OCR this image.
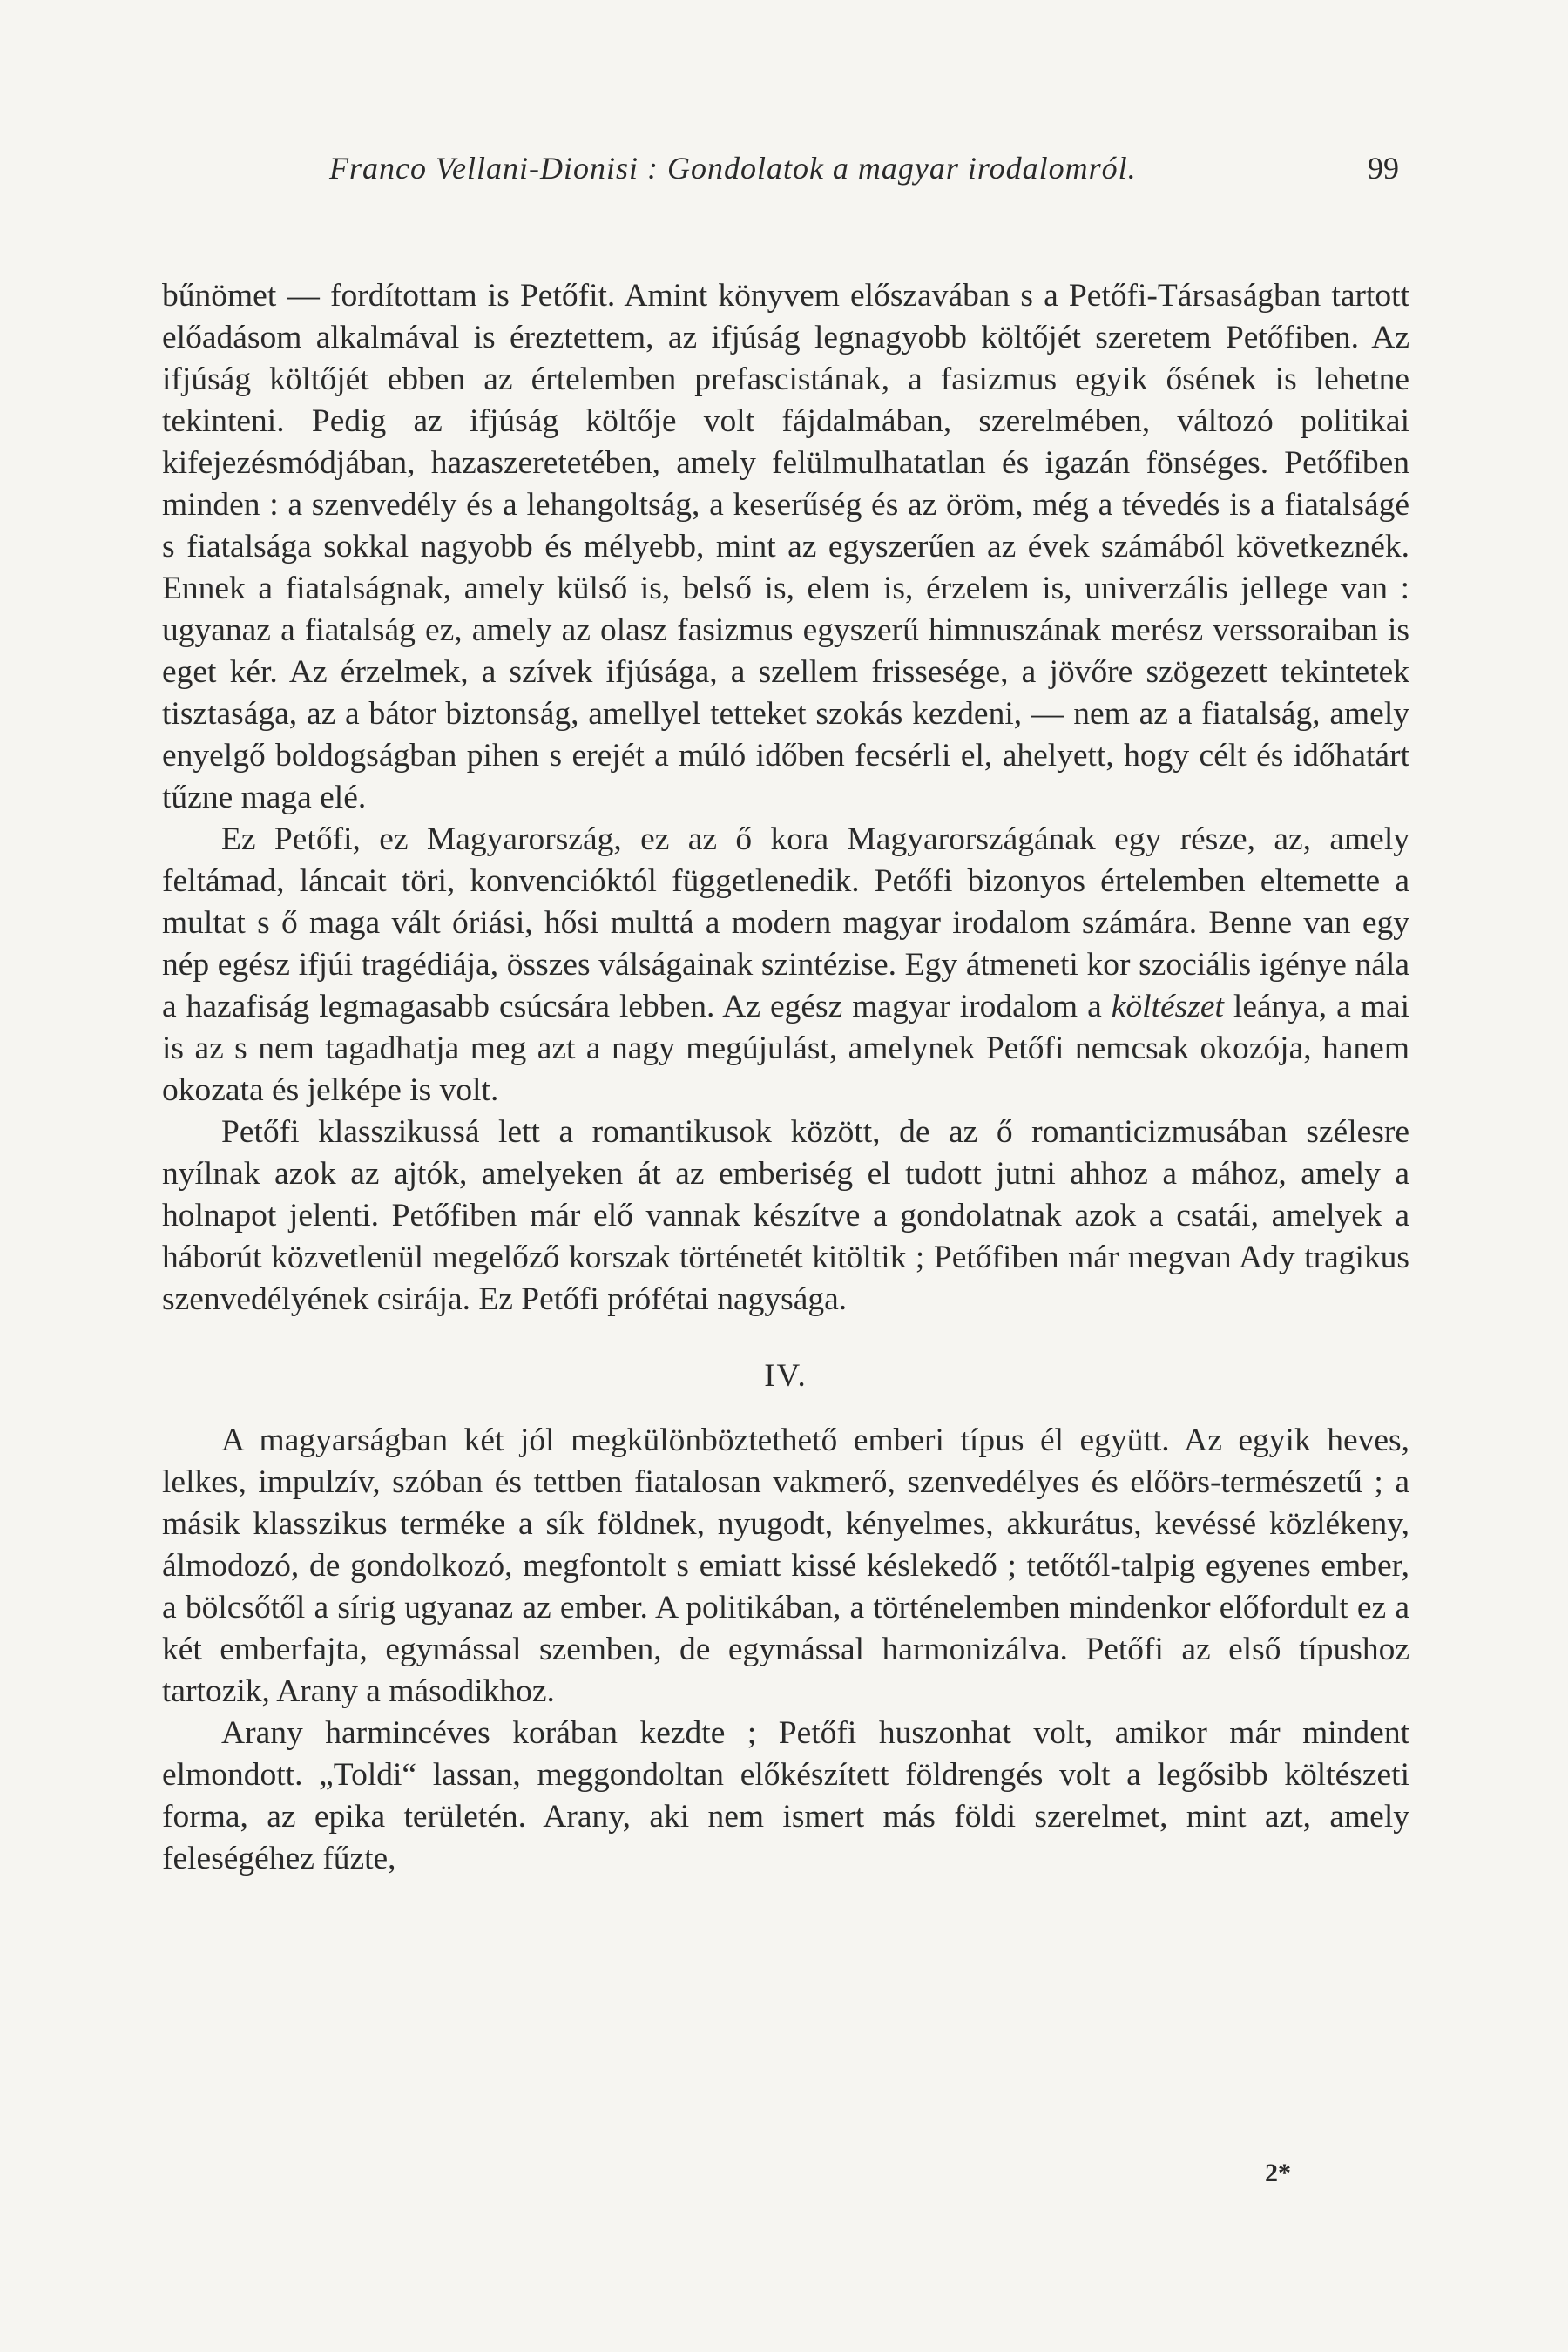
Franco Vellani-Dionisi : Gondolatok a magyar irodalomról.	99

bűnömet — fordítottam is Petőfit. Amint könyvem előszavában s a Petőfi-Társaságban tartott előadásom alkalmával is éreztettem, az ifjúság legnagyobb költőjét szeretem Petőfiben. Az ifjúság költőjét ebben az értelemben prefascistának, a fasizmus egyik ősének is lehetne tekinteni. Pedig az ifjúság költője volt fájdalmában, szerelmében, változó politikai kifejezésmódjában, hazaszeretetében, amely felülmulhatatlan és igazán fönséges. Petőfiben minden : a szenvedély és a lehangoltság, a keserűség és az öröm, még a tévedés is a fiatalságé s fiatalsága sokkal nagyobb és mélyebb, mint az egyszerűen az évek számából következnék. Ennek a fiatalságnak, amely külső is, belső is, elem is, érzelem is, univerzális jellege van : ugyanaz a fiatalság ez, amely az olasz fasizmus egyszerű himnuszának merész verssoraiban is eget kér. Az érzelmek, a szívek ifjúsága, a szellem frissesége, a jövőre szögezett tekintetek tisztasága, az a bátor biztonság, amellyel tetteket szokás kezdeni, — nem az a fiatalság, amely enyelgő boldogságban pihen s erejét a múló időben fecsérli el, ahelyett, hogy célt és időhatárt tűzne maga elé.

Ez Petőfi, ez Magyarország, ez az ő kora Magyarországának egy része, az, amely feltámad, láncait töri, konvencióktól függetlenedik. Petőfi bizonyos értelemben eltemette a multat s ő maga vált óriási, hősi multtá a modern magyar irodalom számára. Benne van egy nép egész ifjúi tragédiája, összes válságainak szintézise. Egy átmeneti kor szociális igénye nála a hazafiság legmagasabb csúcsára lebben. Az egész magyar irodalom a költészet leánya, a mai is az s nem tagadhatja meg azt a nagy megújulást, amelynek Petőfi nemcsak okozója, hanem okozata és jelképe is volt.

Petőfi klasszikussá lett a romantikusok között, de az ő romanticizmusában szélesre nyílnak azok az ajtók, amelyeken át az emberiség el tudott jutni ahhoz a mához, amely a holnapot jelenti. Petőfiben már elő vannak készítve a gondolatnak azok a csatái, amelyek a háborút közvetlenül megelőző korszak történetét kitöltik ; Petőfiben már megvan Ady tragikus szenvedélyének csirája. Ez Petőfi prófétai nagysága.

IV.

A magyarságban két jól megkülönböztethető emberi típus él együtt. Az egyik heves, lelkes, impulzív, szóban és tettben fiatalosan vakmerő, szenvedélyes és előörs-természetű ; a másik klasszikus terméke a sík földnek, nyugodt, kényelmes, akkurátus, kevéssé közlékeny, álmodozó, de gondolkozó, megfontolt s emiatt kissé késlekedő ; tetőtől-talpig egyenes ember, a bölcsőtől a sírig ugyanaz az ember. A politikában, a történelemben mindenkor előfordult ez a két emberfajta, egymással szemben, de egymással harmonizálva. Petőfi az első típushoz tartozik, Arany a másodikhoz.

Arany harmincéves korában kezdte ; Petőfi huszonhat volt, amikor már mindent elmondott. „Toldi“ lassan, meggondoltan előkészített földrengés volt a legősibb költészeti forma, az epika területén. Arany, aki nem ismert más földi szerelmet, mint azt, amely feleségéhez fűzte,

2*
